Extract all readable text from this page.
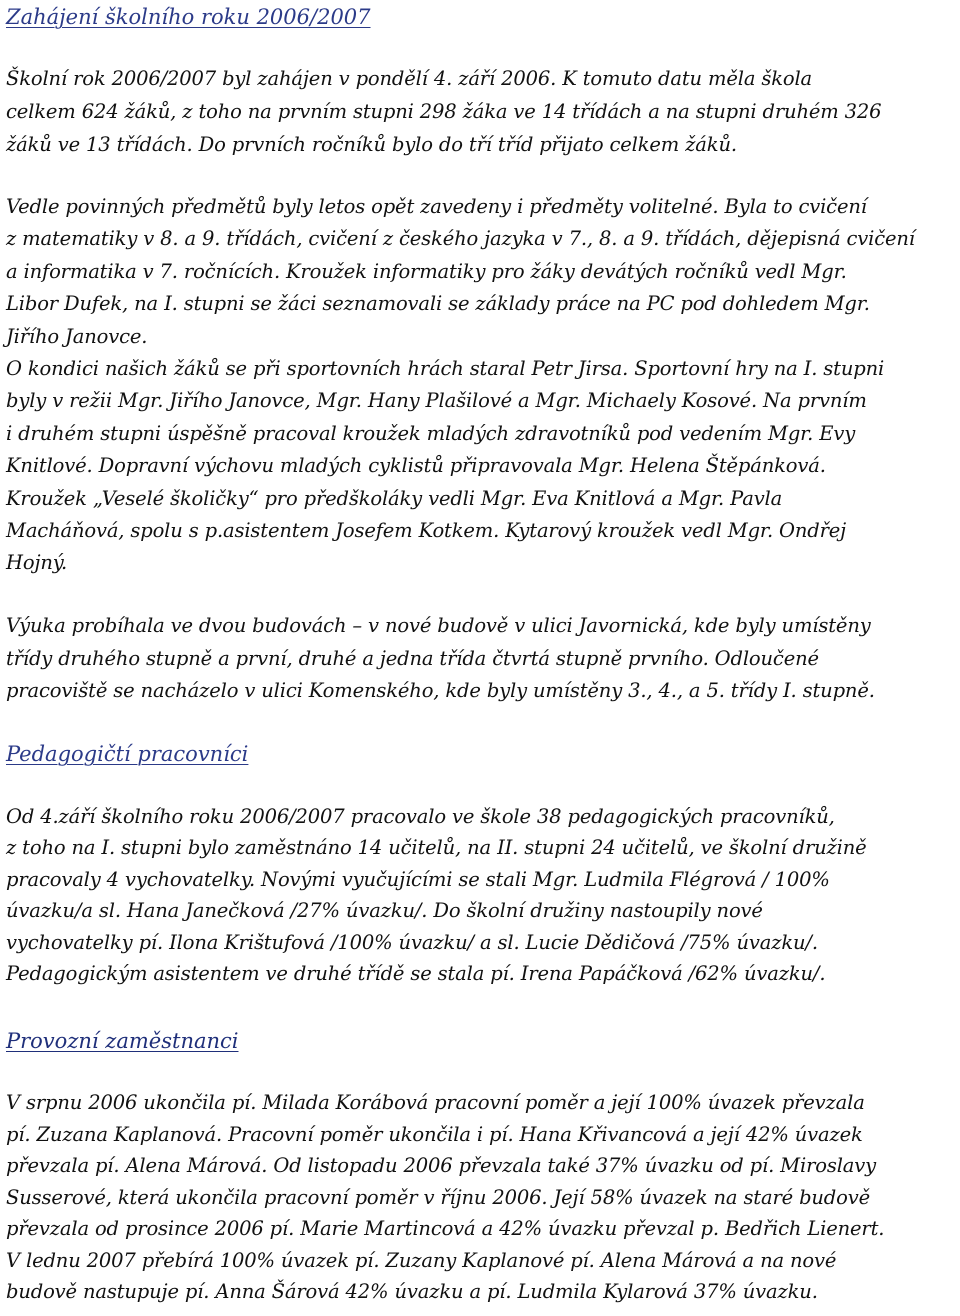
Zahájení školního roku 2006/2007

Školní rok 2006/2007 byl zahájen v pondělí 4. září 2006. K tomuto datu měla škola
celkem 624 žáků, z toho na prvním stupni 298 žáka ve 14 třídách a na stupni druhém 326
žáků ve 13 třídách. Do prvních ročníků bylo do tří tříd přijato celkem žáků.

Vedle povinných předmětů byly letos opět zavedeny i předměty volitelné. Byla to cvičení
z matematiky v 8. a 9. třídách, cvičení z českého jazyka v 7., 8. a 9. třídách, dějepisná cvičení
a informatika v 7. ročnících. Kroužek informatiky pro žáky devátých ročníků vedl Mgr.
Libor Dufek, na I. stupni se žáci seznamovali se základy práce na PC pod dohledem Mgr.
Jiřího Janovce.
O kondici našich žáků se při sportovních hrách staral Petr Jirsa. Sportovní hry na I. stupni
byly v režii Mgr. Jiřího Janovce, Mgr. Hany Plašilové a Mgr. Michaely Kosové. Na prvním
i druhém stupni úspěšně pracoval kroužek mladých zdravotníků pod vedením Mgr. Evy
Knitlové. Dopravní výchovu mladých cyklistů připravovala Mgr. Helena Štěpánková.
Kroužek „Veselé školičky“ pro předškoláky vedli Mgr. Eva Knitlová a Mgr. Pavla
Macháňová, spolu s p.asistentem Josefem Kotkem. Kytarový kroužek vedl Mgr. Ondřej
Hojný.

Výuka probíhala ve dvou budovách – v nové budově v ulici Javornická, kde byly umístěny
třídy druhého stupně a první, druhé a jedna třída čtvrtá stupně prvního. Odloučené
pracoviště se nacházelo v ulici Komenského, kde byly umístěny 3., 4., a 5. třídy I. stupně.

Pedagogičtí pracovníci

Od 4.září školního roku 2006/2007 pracovalo ve škole 38 pedagogických pracovníků,
z toho na I. stupni bylo zaměstnáno 14 učitelů, na II. stupni 24 učitelů, ve školní družině
pracovaly 4 vychovatelky. Novými vyučujícími se stali Mgr. Ludmila Flégrová / 100%
úvazku/a sl. Hana Janečková /27% úvazku/. Do školní družiny nastoupily nové
vychovatelky pí. Ilona Krištufová /100% úvazku/ a sl. Lucie Dědičová /75% úvazku/.
Pedagogickým asistentem ve druhé třídě se stala pí. Irena Papáčková /62% úvazku/.

Provozní zaměstnanci

V srpnu 2006 ukončila pí. Milada Korábová pracovní poměr a její 100% úvazek převzala
pí. Zuzana Kaplanová. Pracovní poměr ukončila i pí. Hana Křivancová a její 42% úvazek
převzala pí. Alena Márová. Od listopadu 2006 převzala také 37% úvazku od pí. Miroslavy
Susserové, která ukončila pracovní poměr v říjnu 2006. Její 58% úvazek na staré budově
převzala od prosince 2006 pí. Marie Martincová a 42% úvazku převzal p. Bedřich Lienert.
V lednu 2007 přebírá 100% úvazek pí. Zuzany Kaplanové pí. Alena Márová a na nové
budově nastupuje pí. Anna Šárová 42% úvazku a pí. Ludmila Kylarová 37% úvazku.
